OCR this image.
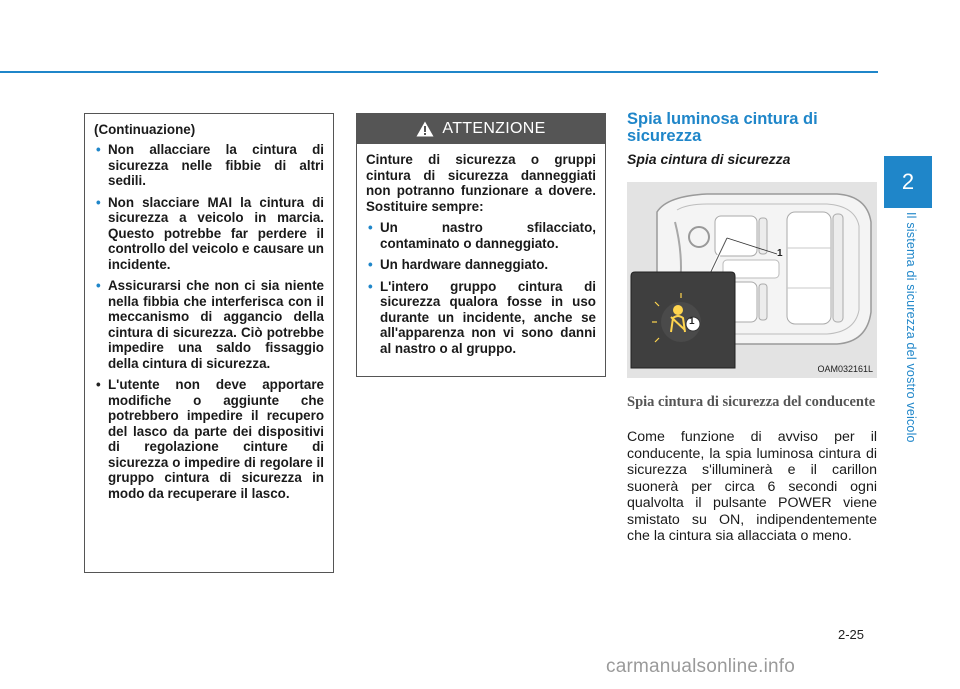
2
Il sistema di sicurezza del vostro veicolo

(Continuazione)

• Non allacciare la cintura di sicurezza nelle fibbie di altri sedili.
• Non slacciare MAI la cintura di sicurezza a veicolo in marcia. Questo potrebbe far perdere il controllo del veicolo e causare un incidente.
• Assicurarsi che non ci sia niente nella fibbia che interferisca con il meccanismo di aggancio della cintura di sicurezza. Ciò potrebbe impedire una saldo fissaggio della cintura di sicurezza.
• L'utente non deve apportare modifiche o aggiunte che potrebbero impedire il recupero del lasco da parte dei dispositivi di regolazione cinture di sicurezza o impedire di regolare il gruppo cintura di sicurezza in modo da recuperare il lasco.
ATTENZIONE

Cinture di sicurezza o gruppi cintura di sicurezza danneggiati non potranno funzionare a dovere. Sostituire sempre:

• Un nastro sfilacciato, contaminato o danneggiato.
• Un hardware danneggiato.
• L'intero gruppo cintura di sicurezza qualora fosse in uso durante un incidente, anche se all'apparenza non vi sono danni al nastro o al gruppo.
Spia luminosa cintura di sicurezza
Spia cintura di sicurezza
1
1
OAM032161L
Spia cintura di sicurezza del conducente
Come funzione di avviso per il conducente, la spia luminosa cintura di sicurezza s'illuminerà e il carillon suonerà per circa 6 secondi ogni qualvolta il pulsante POWER viene smistato su ON, indipendentemente che la cintura sia allacciata o meno.
2-25
carmanualsonline.info
